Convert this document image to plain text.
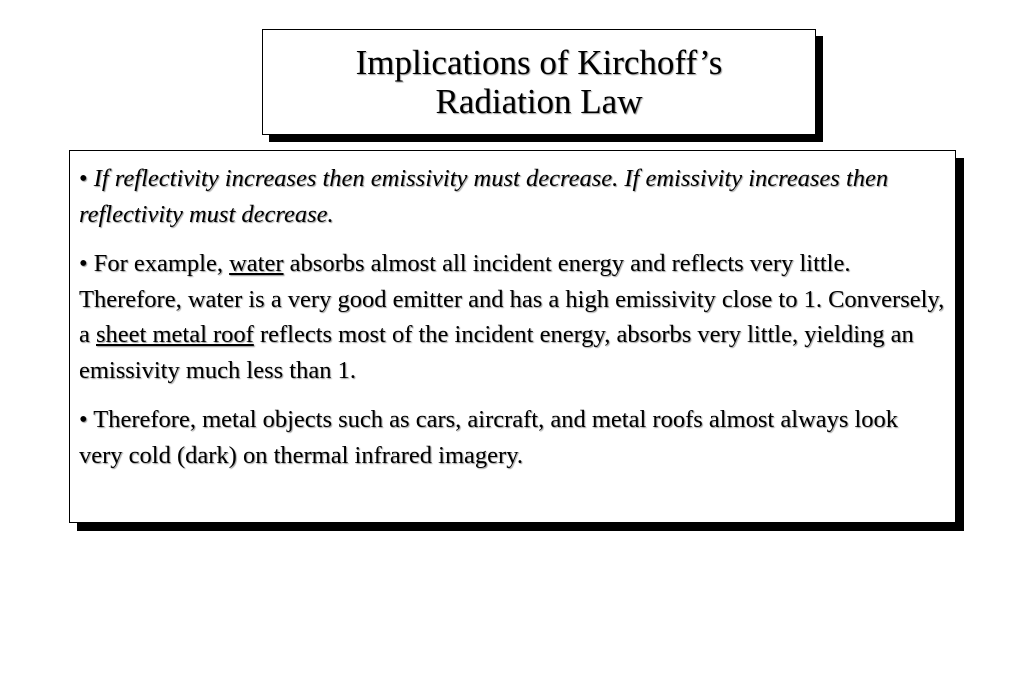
Implications of Kirchoff’s
Radiation Law

• If reflectivity increases then emissivity must decrease. If emissivity increases then reflectivity must decrease.

• For example, water absorbs almost all incident energy and reflects very little. Therefore, water is a very good emitter and has a high emissivity close to 1. Conversely, a sheet metal roof reflects most of the incident energy, absorbs very little, yielding an emissivity much less than 1.

• Therefore, metal objects such as cars, aircraft, and metal roofs almost always look very cold (dark) on thermal infrared imagery.
